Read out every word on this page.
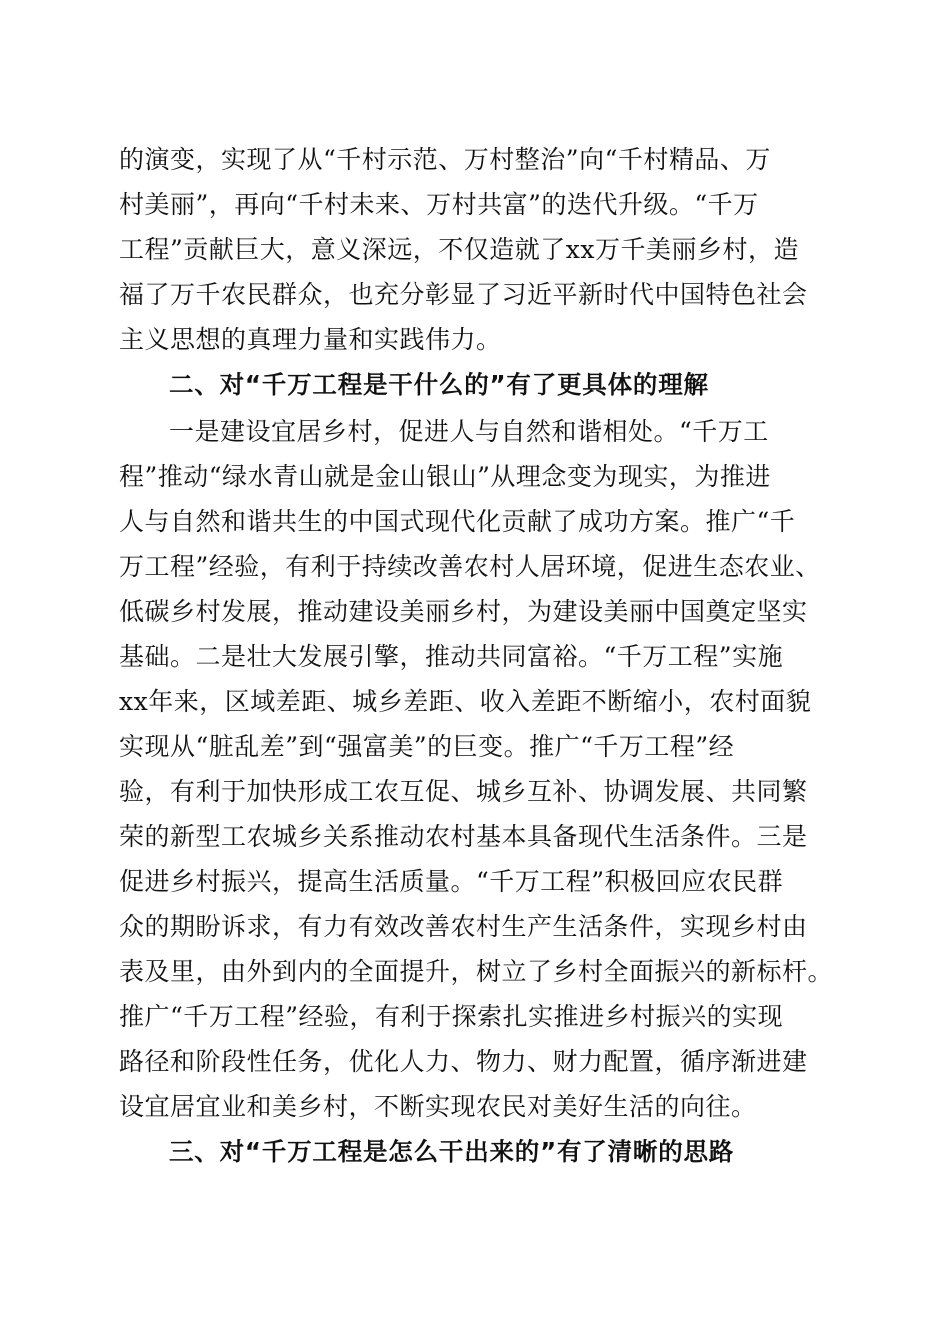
的演变，实现了从“千村示范、万村整治”向“千村精品、万
村美丽”，再向“千村未来、万村共富”的迭代升级。“千万
工程”贡献巨大，意义深远，不仅造就了xx万千美丽乡村，造
福了万千农民群众，也充分彰显了习近平新时代中国特色社会
主义思想的真理力量和实践伟力。
二、对“千万工程是干什么的”有了更具体的理解
一是建设宜居乡村，促进人与自然和谐相处。“千万工
程”推动“绿水青山就是金山银山”从理念变为现实，为推进
人与自然和谐共生的中国式现代化贡献了成功方案。推广“千
万工程”经验，有利于持续改善农村人居环境，促进生态农业、
低碳乡村发展，推动建设美丽乡村，为建设美丽中国奠定坚实
基础。二是壮大发展引擎，推动共同富裕。“千万工程”实施
xx年来，区域差距、城乡差距、收入差距不断缩小，农村面貌
实现从“脏乱差”到“强富美”的巨变。推广“千万工程”经
验，有利于加快形成工农互促、城乡互补、协调发展、共同繁
荣的新型工农城乡关系推动农村基本具备现代生活条件。三是
促进乡村振兴，提高生活质量。“千万工程”积极回应农民群
众的期盼诉求，有力有效改善农村生产生活条件，实现乡村由
表及里，由外到内的全面提升，树立了乡村全面振兴的新标杆。
推广“千万工程”经验，有利于探索扎实推进乡村振兴的实现
路径和阶段性任务，优化人力、物力、财力配置，循序渐进建
设宜居宜业和美乡村，不断实现农民对美好生活的向往。
三、对“千万工程是怎么干出来的”有了清晰的思路
